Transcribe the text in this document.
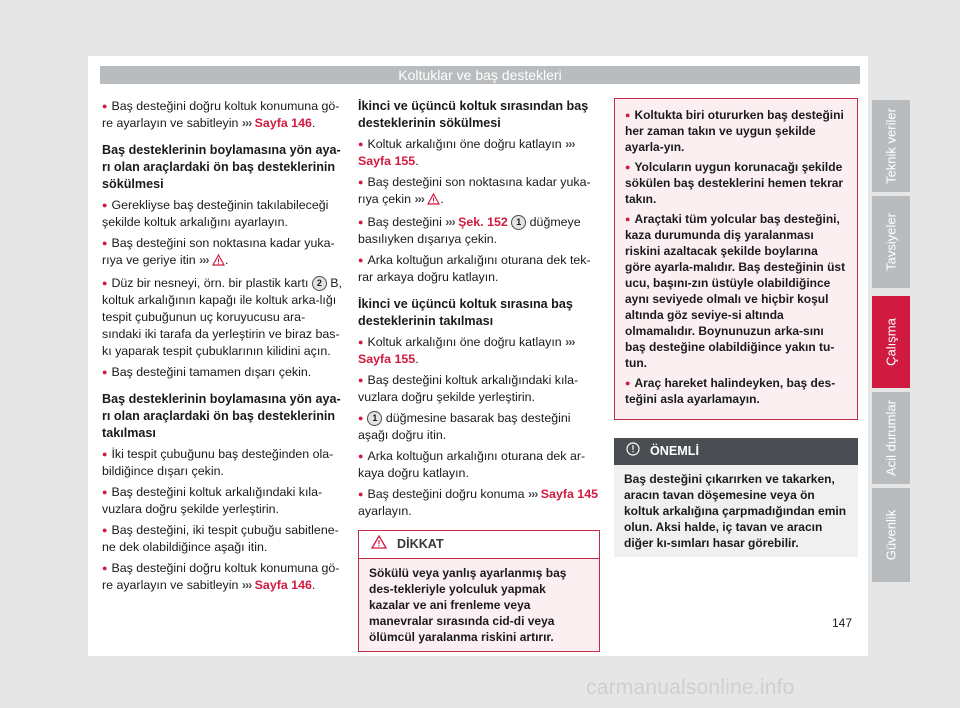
Koltuklar ve baş destekleri

● Baş desteğini doğru koltuk konumuna gö-re ayarlayın ve sabitleyin ››› Sayfa 146.

Baş desteklerinin boylamasına yön aya-rı olan araçlardaki ön baş desteklerinin sökülmesi

● Gerekliyse baş desteğinin takılabileceği şekilde koltuk arkalığını ayarlayın.

● Baş desteğini son noktasına kadar yuka-rıya ve geriye itin ››› .

● Düz bir nesneyi, örn. bir plastik kartı 2 B, koltuk arkalığının kapağı ile koltuk arka-lığı tespit çubuğunun uç koruyucusu ara-sındaki iki tarafa da yerleştirin ve biraz bas-kı yaparak tespit çubuklarının kilidini açın.

● Baş desteğini tamamen dışarı çekin.

Baş desteklerinin boylamasına yön aya-rı olan araçlardaki ön baş desteklerinin takılması

● İki tespit çubuğunu baş desteğinden ola-bildiğince dışarı çekin.

● Baş desteğini koltuk arkalığındaki kıla-vuzlara doğru şekilde yerleştirin.

● Baş desteğini, iki tespit çubuğu sabitlene-ne dek olabildiğince aşağı itin.

● Baş desteğini doğru koltuk konumuna gö-re ayarlayın ve sabitleyin ››› Sayfa 146.

İkinci ve üçüncü koltuk sırasından baş desteklerinin sökülmesi

● Koltuk arkalığını öne doğru katlayın ››› Sayfa 155.

● Baş desteğini son noktasına kadar yuka-rıya çekin ››› .

● Baş desteğini ››› Şek. 152 1 düğmeye basılıyken dışarıya çekin.

● Arka koltuğun arkalığını oturana dek tek-rar arkaya doğru katlayın.

İkinci ve üçüncü koltuk sırasına baş desteklerinin takılması

● Koltuk arkalığını öne doğru katlayın ››› Sayfa 155.

● Baş desteğini koltuk arkalığındaki kıla-vuzlara doğru şekilde yerleştirin.

● 1 düğmesine basarak baş desteğini aşağı doğru itin.

● Arka koltuğun arkalığını oturana dek ar-kaya doğru katlayın.

● Baş desteğini doğru konuma ››› Sayfa 145 ayarlayın.

DİKKAT
Sökülü veya yanlış ayarlanmış baş des-tekleriyle yolculuk yapmak kazalar ve ani frenleme veya manevralar sırasında cid-di veya ölümcül yaralanma riskini artırır.

● Koltukta biri otururken baş desteğini her zaman takın ve uygun şekilde ayarla-yın.

● Yolcuların uygun korunacağı şekilde sökülen baş desteklerini hemen tekrar takın.

● Araçtaki tüm yolcular baş desteğini, kaza durumunda diş yaralanması riskini azaltacak şekilde boylarına göre ayarla-malıdır. Baş desteğinin üst ucu, başını-zın üstüyle olabildiğince aynı seviyede olmalı ve hiçbir koşul altında göz seviye-si altında olmamalıdır. Boynunuzun arka-sını baş desteğine olabildiğince yakın tu-tun.

● Araç hareket halindeyken, baş des-teğini asla ayarlamayın.

ÖNEMLİ
Baş desteğini çıkarırken ve takarken, aracın tavan döşemesine veya ön koltuk arkalığına çarpmadığından emin olun. Aksi halde, iç tavan ve aracın diğer kı-sımları hasar görebilir.
Teknik veriler
Tavsiyeler
Çalışma
Acil durumlar
Güvenlik
147
carmanualsonline.info
